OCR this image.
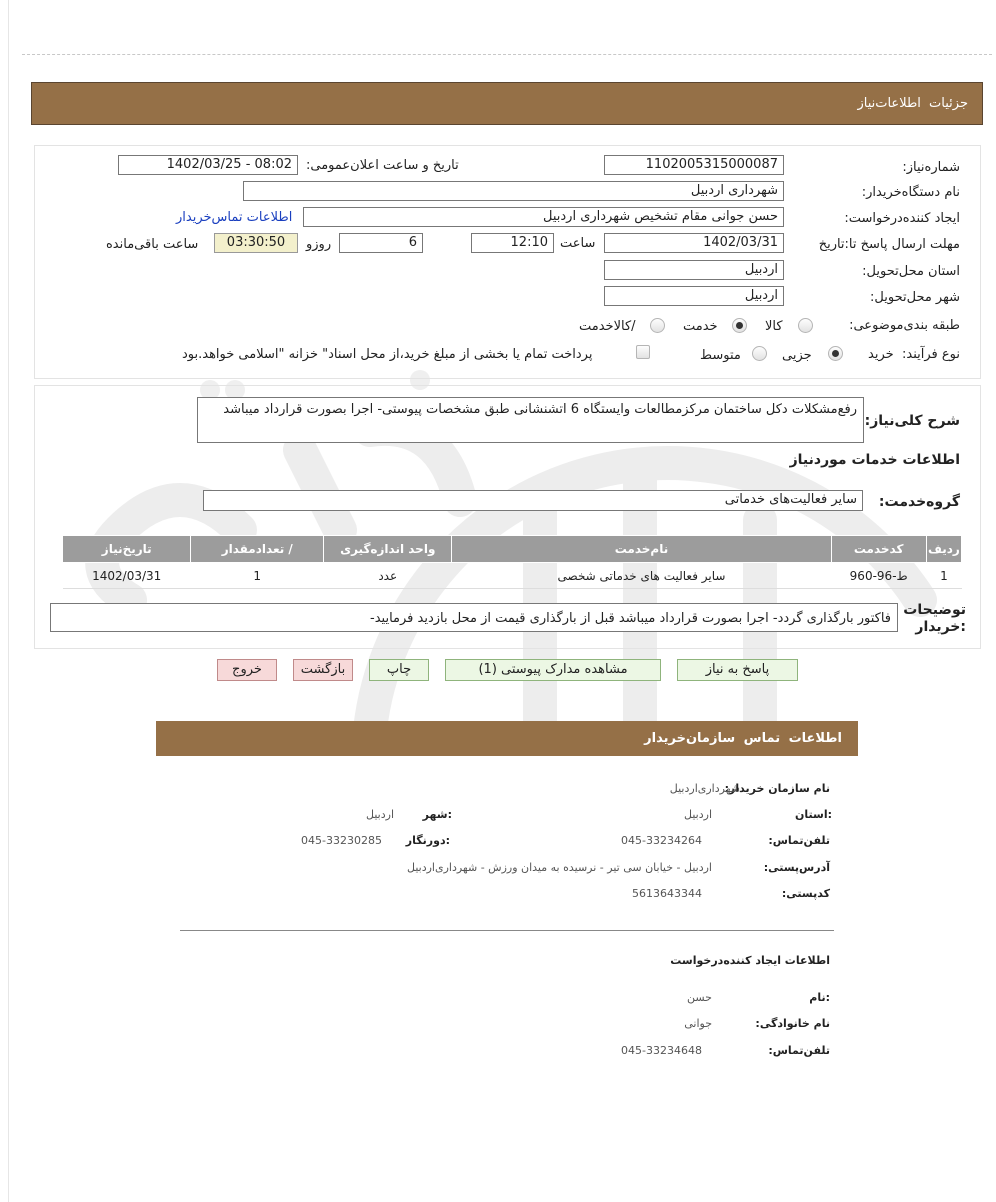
جزئیات اطلاعات‌نیاز
شماره‌نیاز:
1102005315000087
تاریخ و ساعت اعلان‌عمومی:
1402/03/25 - 08:02
نام دستگاه‌خریدار:
شهرداری اردبیل
ایجاد کننده‌درخواست:
حسن جوانی مقام تشخیص شهرداری اردبیل
اطلاعات تماس‌خریدار
مهلت ارسال پاسخ تا:تاریخ
1402/03/31
ساعت
12:10
6
روزو
03:30:50
ساعت باقی‌مانده
استان محل‌تحویل:
اردبیل
شهر محل‌تحویل:
اردبیل
طبقه بندی‌موضوعی:
کالا
خدمت
/کالاخدمت
نوع فرآیند:
خرید
جزیی
متوسط
پرداخت تمام یا بخشی از مبلغ خرید،از محل اسناد" خزانه "اسلامی خواهد.بود
شرح کلی‌نیاز:
رفع‌مشکلات دکل ساختمان مرکز‌مطالعات وایستگاه 6 اتشنشانی طبق مشخصات پیوستی- اجرا بصورت قرارداد میباشد
اطلاعات خدمات موردنیاز
گروه‌خدمت:
سایر فعالیت‌های خدماتی
ردیف	کدخدمت	نام‌خدمت	واحد اندازه‌گیری	/ تعدادمقدار	تاریخ‌نیاز
1	ط-96-960	سایر فعالیت های خدماتی شخصی	عدد	1	1402/03/31
توضیحات :خریدار
فاکتور بارگذاری گردد- اجرا بصورت قرارداد میباشد قبل از بارگذاری قیمت از محل بازدید فرمایید-
پاسخ به نیاز
مشاهده مدارک پیوستی (1)
چاپ
بازگشت
خروج
اطلاعات تماس سازمان‌خریدار
نام سازمان خریدار:
شهرداری‌اردبیل
:استان
اردبیل
:شهر
اردبیل
تلفن‌تماس:
045-33234264
:دورنگار
045-33230285
آدرس‌پستی:
اردبیل - خیابان سی تیر - نرسیده به میدان ورزش - شهرداری‌اردبیل
کد‌پستی:
5613643344
اطلاعات ایجاد کننده‌درخواست
:نام
حسن
نام خانوادگی:
جوانی
تلفن‌تماس:
045-33234648
